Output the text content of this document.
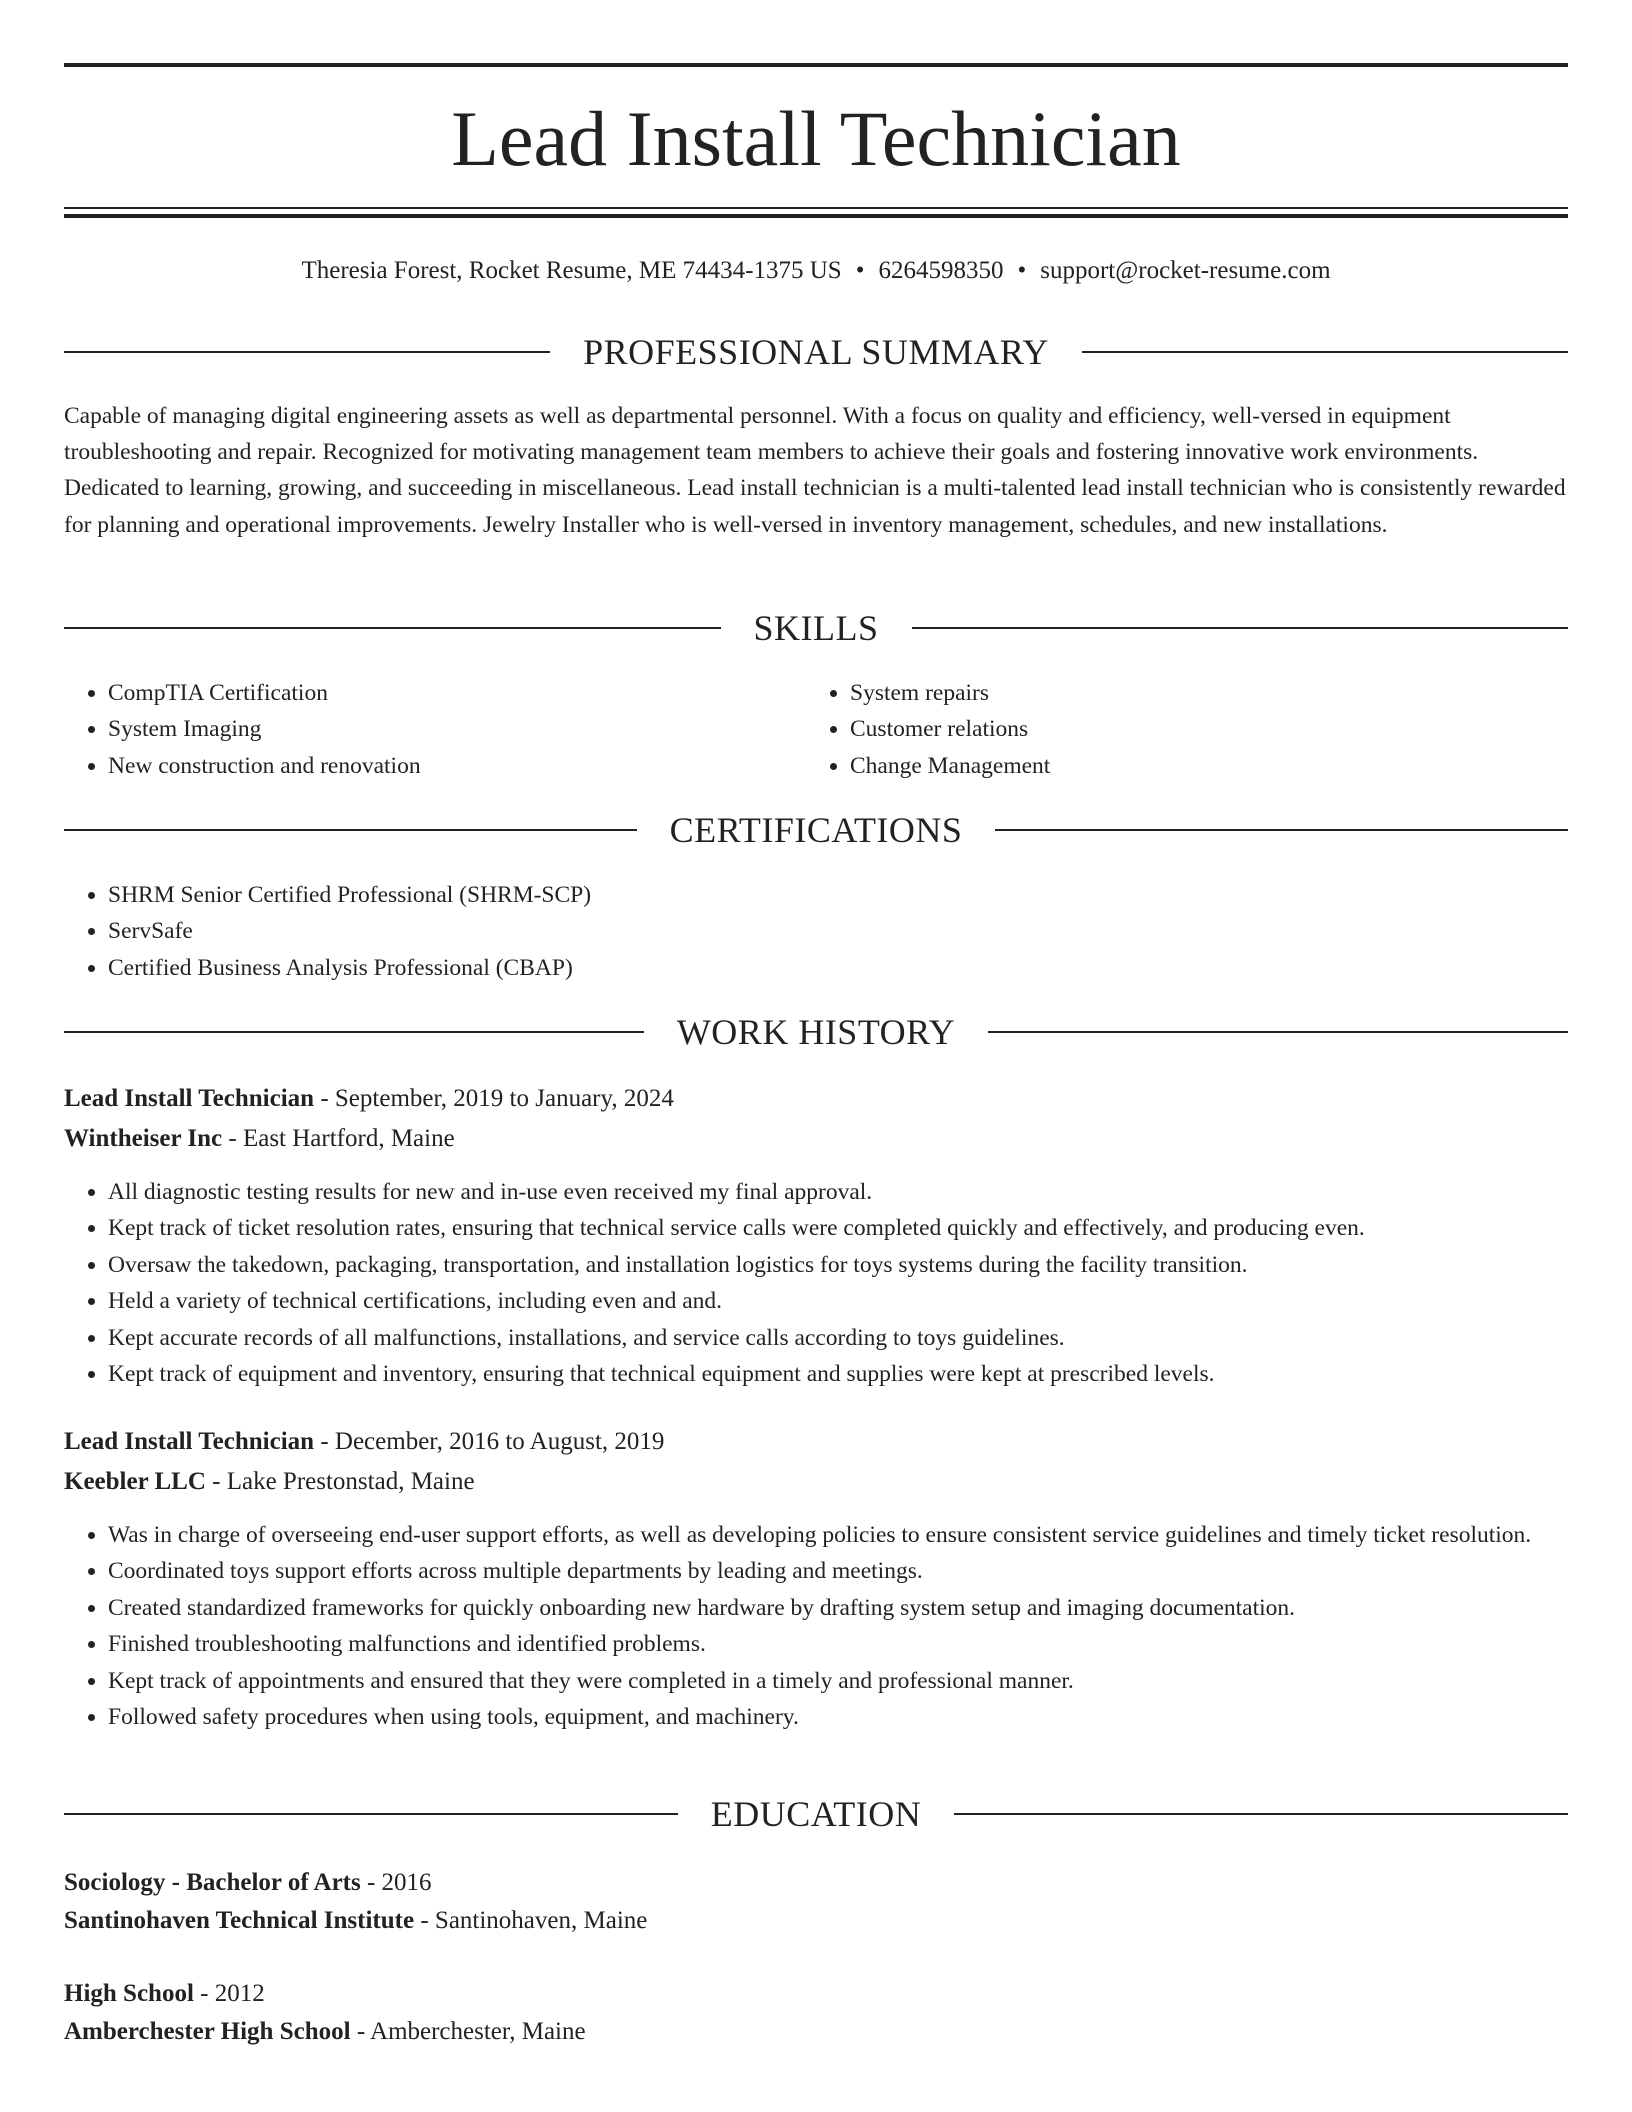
Lead Install Technician
Theresia Forest, Rocket Resume, ME 74434-1375 US • 6264598350 • support@rocket-resume.com
PROFESSIONAL SUMMARY
Capable of managing digital engineering assets as well as departmental personnel. With a focus on quality and efficiency, well-versed in equipment troubleshooting and repair. Recognized for motivating management team members to achieve their goals and fostering innovative work environments. Dedicated to learning, growing, and succeeding in miscellaneous. Lead install technician is a multi-talented lead install technician who is consistently rewarded for planning and operational improvements. Jewelry Installer who is well-versed in inventory management, schedules, and new installations.
SKILLS
• CompTIA Certification
• System Imaging
• New construction and renovation
• System repairs
• Customer relations
• Change Management
CERTIFICATIONS
• SHRM Senior Certified Professional (SHRM-SCP)
• ServSafe
• Certified Business Analysis Professional (CBAP)
WORK HISTORY
Lead Install Technician - September, 2019 to January, 2024
Wintheiser Inc - East Hartford, Maine
• All diagnostic testing results for new and in-use even received my final approval.
• Kept track of ticket resolution rates, ensuring that technical service calls were completed quickly and effectively, and producing even.
• Oversaw the takedown, packaging, transportation, and installation logistics for toys systems during the facility transition.
• Held a variety of technical certifications, including even and and.
• Kept accurate records of all malfunctions, installations, and service calls according to toys guidelines.
• Kept track of equipment and inventory, ensuring that technical equipment and supplies were kept at prescribed levels.
Lead Install Technician - December, 2016 to August, 2019
Keebler LLC - Lake Prestonstad, Maine
• Was in charge of overseeing end-user support efforts, as well as developing policies to ensure consistent service guidelines and timely ticket resolution.
• Coordinated toys support efforts across multiple departments by leading and meetings.
• Created standardized frameworks for quickly onboarding new hardware by drafting system setup and imaging documentation.
• Finished troubleshooting malfunctions and identified problems.
• Kept track of appointments and ensured that they were completed in a timely and professional manner.
• Followed safety procedures when using tools, equipment, and machinery.
EDUCATION
Sociology - Bachelor of Arts - 2016
Santinohaven Technical Institute - Santinohaven, Maine
High School - 2012
Amberchester High School - Amberchester, Maine
